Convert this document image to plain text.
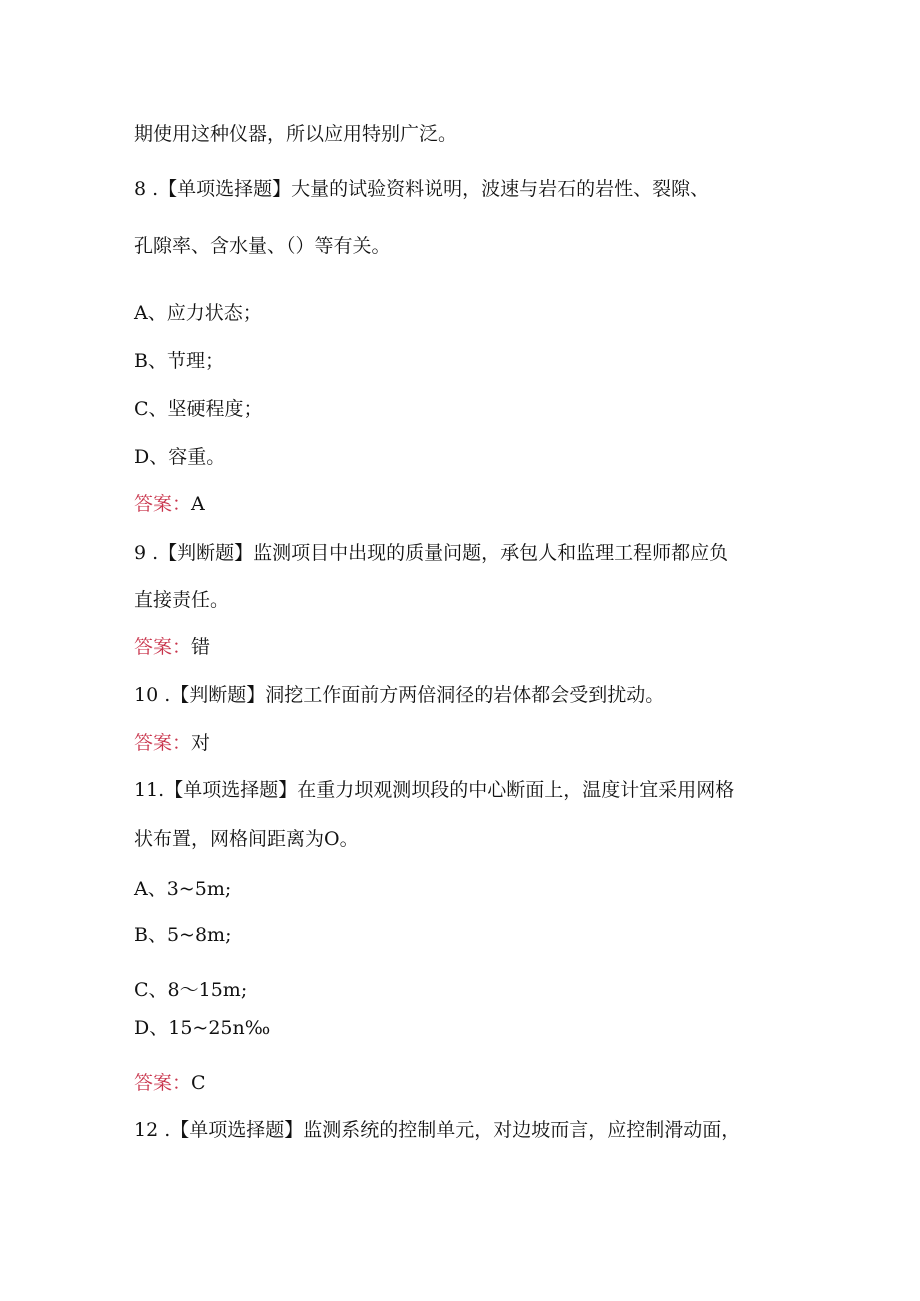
期使用这种仪器，所以应用特别广泛。
8 .【单项选择题】大量的试验资料说明，波速与岩石的岩性、裂隙、
孔隙率、含水量、（）等有关。
A、应力状态；
B、节理；
C、坚硬程度；
D、容重。
答案：A
9 .【判断题】监测项目中出现的质量问题，承包人和监理工程师都应负
直接责任。
答案：错
10 .【判断题】洞挖工作面前方两倍洞径的岩体都会受到扰动。
答案：对
11.【单项选择题】在重力坝观测坝段的中心断面上，温度计宜采用网格
状布置，网格间距离为O。
A、3~5m;
B、5~8m;
C、8〜15m;
D、15~25n‰
答案：C
12 .【单项选择题】监测系统的控制单元，对边坡而言，应控制滑动面，
